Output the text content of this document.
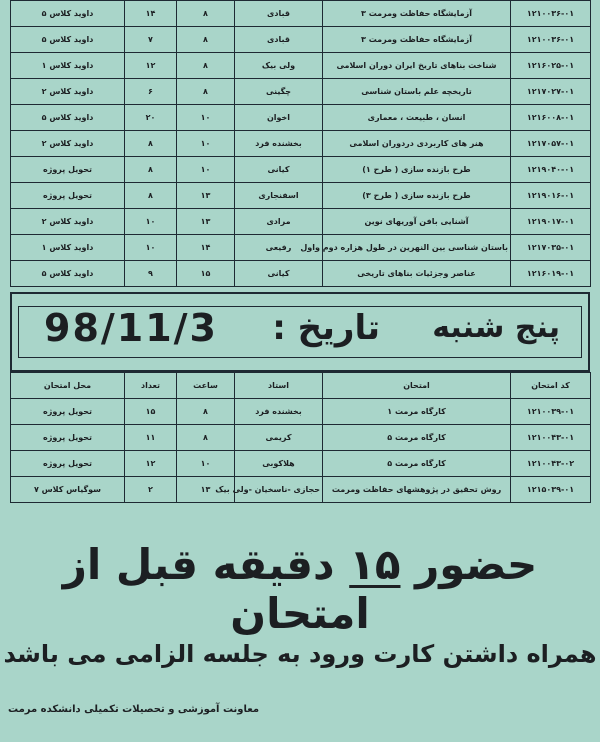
۱۲۱۰۰۳۶-۰۱	آزمایشگاه حفاظت ومرمت ۳	قبادی	۸	۱۴	داوید کلاس ۵
۱۲۱۰۰۳۶-۰۱	آزمایشگاه حفاظت ومرمت ۳	قبادی	۸	۷	داوید کلاس ۵
۱۲۱۶۰۲۵-۰۱	شناخت بناهای تاریخ ایران دوران اسلامی	ولی بیک	۸	۱۲	داوید کلاس ۱
۱۲۱۷۰۲۷-۰۱	تاریخچه علم باستان شناسی	چگینی	۸	۶	داوید کلاس ۲
۱۲۱۶۰۰۸-۰۱	انسان ، طبیعت ، معماری	اخوان	۱۰	۲۰	داوید کلاس ۵
۱۲۱۷۰۵۷-۰۱	هنر های کاربردی دردوران اسلامی	بخشنده فرد	۱۰	۸	داوید کلاس ۲
۱۲۱۹۰۴۰-۰۱	طرح بازنده سازی ( طرح ۱)	کیانی	۱۰	۸	تحویل پروژه
۱۲۱۹۰۱۶-۰۱	طرح بازنده سازی ( طرح ۳)	اسفنجاری	۱۳	۸	تحویل پروژه
۱۲۱۹۰۱۷-۰۱	آشنایی بافن آوریهای نوین	مرادی	۱۳	۱۰	داوید کلاس ۲
۱۲۱۷۰۳۵-۰۱	باستان شناسی بین النهرین در طول هزاره دوم واول	رفیعی	۱۴	۱۰	داوید کلاس ۱
۱۲۱۶۰۱۹-۰۱	عناصر وجزئیات بناهای تاریخی	کیانی	۱۵	۹	داوید کلاس ۵
پنج شنبه
تاریخ :
98/11/3
کد امتحان	امتحان	استاد	ساعت	تعداد	محل امتحان
۱۲۱۰۰۳۹-۰۱	کارگاه مرمت ۱	بخشنده فرد	۸	۱۵	تحویل پروژه
۱۲۱۰۰۴۳-۰۱	کارگاه مرمت ۵	کریمی	۸	۱۱	تحویل پروژه
۱۲۱۰۰۴۳-۰۲	کارگاه مرمت ۵	هلاکوبی	۱۰	۱۲	تحویل پروژه
۱۲۱۵۰۳۹-۰۱	روش تحقیق در پژوهشهای حفاظت ومرمت	حجازی -ناسخیان -ولی بیک	۱۳	۲	سوگیاس کلاس ۷
حضور ۱۵ دقیقه قبل از امتحان
همراه داشتن کارت ورود به جلسه الزامی می باشد
معاونت آموزشی و تحصیلات تکمیلی دانشکده مرمت
